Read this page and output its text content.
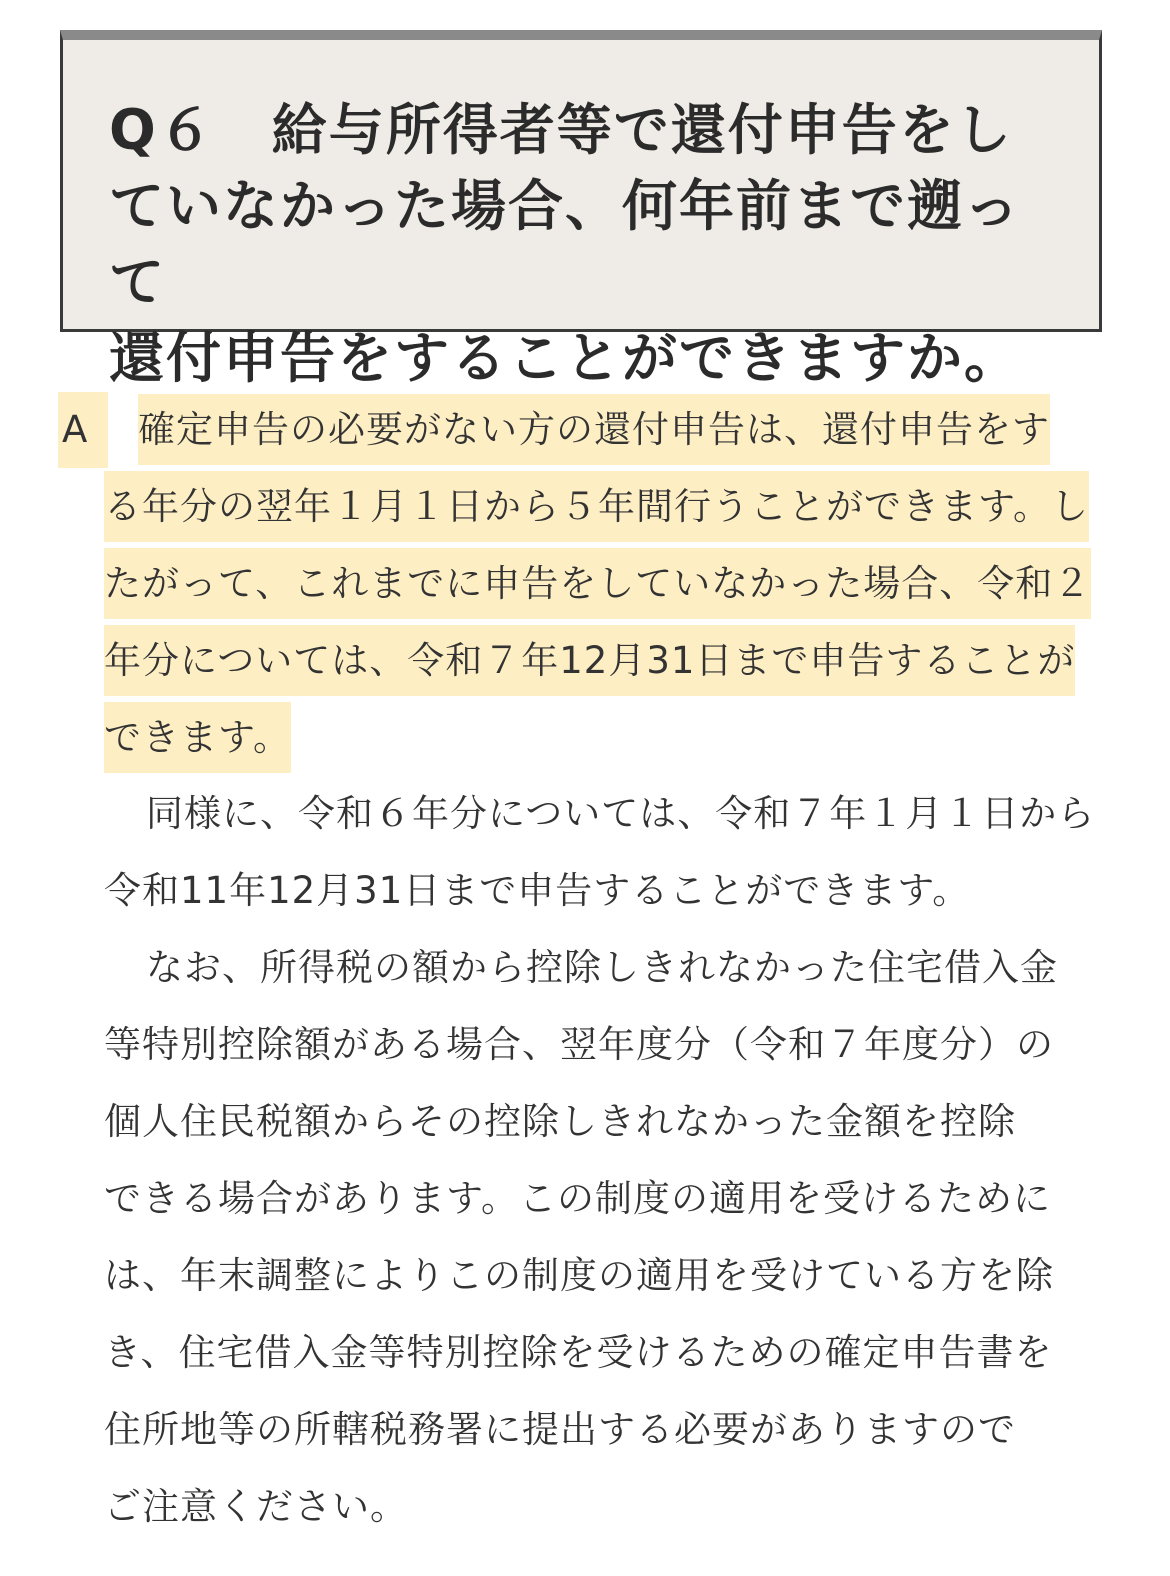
Q６　給与所得者等で還付申告をし
ていなかった場合、何年前まで遡って
還付申告をすることができますか。
A 確定申告の必要がない方の還付申告は、還付申告をす
る年分の翌年１月１日から５年間行うことができます。し
たがって、これまでに申告をしていなかった場合、令和２
年分については、令和７年12月31日まで申告することが
できます。
同様に、令和６年分については、令和７年１月１日から
令和11年12月31日まで申告することができます。
なお、所得税の額から控除しきれなかった住宅借入金
等特別控除額がある場合、翌年度分（令和７年度分）の
個人住民税額からその控除しきれなかった金額を控除
できる場合があります。この制度の適用を受けるために
は、年末調整によりこの制度の適用を受けている方を除
き、住宅借入金等特別控除を受けるための確定申告書を
住所地等の所轄税務署に提出する必要がありますので
ご注意ください。
